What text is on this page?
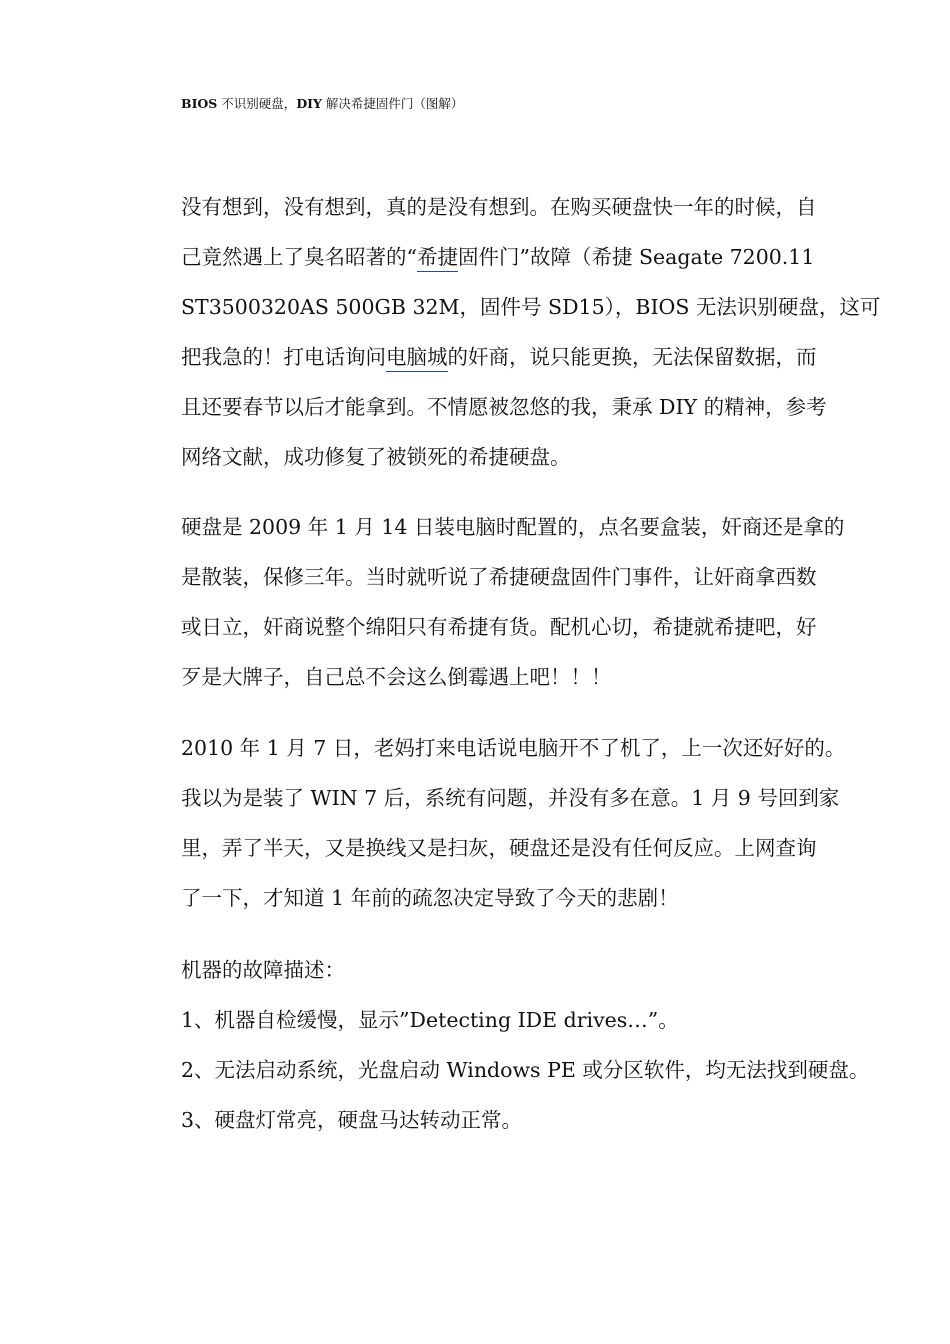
BIOS 不识别硬盘，DIY 解决希捷固件门（图解）
没有想到，没有想到，真的是没有想到。在购买硬盘快一年的时候，自
己竟然遇上了臭名昭著的“希捷固件门”故障（希捷 Seagate 7200.11
ST3500320AS 500GB 32M，固件号 SD15），BIOS 无法识别硬盘，这可
把我急的！打电话询问电脑城的奸商，说只能更换，无法保留数据，而
且还要春节以后才能拿到。不情愿被忽悠的我，秉承 DIY 的精神，参考
网络文献，成功修复了被锁死的希捷硬盘。
硬盘是 2009 年 1 月 14 日装电脑时配置的，点名要盒装，奸商还是拿的
是散装，保修三年。当时就听说了希捷硬盘固件门事件，让奸商拿西数
或日立，奸商说整个绵阳只有希捷有货。配机心切，希捷就希捷吧，好
歹是大牌子，自己总不会这么倒霉遇上吧！！！
2010 年 1 月 7 日，老妈打来电话说电脑开不了机了，上一次还好好的。
我以为是装了 WIN 7 后，系统有问题，并没有多在意。1 月 9 号回到家
里，弄了半天，又是换线又是扫灰，硬盘还是没有任何反应。上网查询
了一下，才知道 1 年前的疏忽决定导致了今天的悲剧！
机器的故障描述：
1、机器自检缓慢，显示”Detecting IDE drives…”。
2、无法启动系统，光盘启动 Windows PE 或分区软件，均无法找到硬盘。
3、硬盘灯常亮，硬盘马达转动正常。
